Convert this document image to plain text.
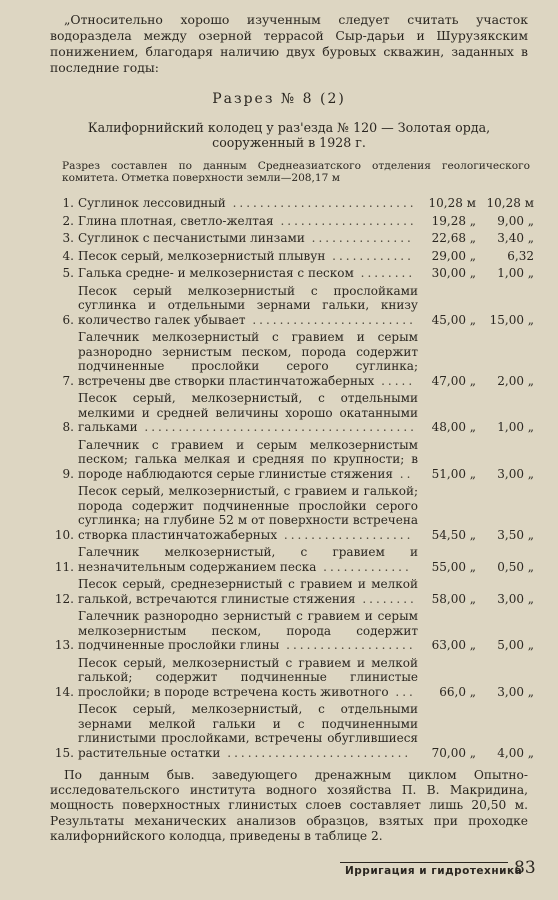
„Относительно хорошо изученным следует считать участок водораздела между озерной террасой Сыр-дарьи и Шурузякским понижением, благодаря наличию двух буровых скважин, заданных в последние годы:
Разрез № 8 (2)
Калифорнийский колодец у раз'езда № 120 — Золотая орда, сооруженный в 1928 г.
Разрез составлен по данным Среднеазиатского отделения геологического комитета. Отметка поверхности земли—208,17 м
1. Суглинок лессовидный ........................... 10,28 м 10,28 м
2. Глина плотная, светло-желтая ....................	19,28 „	9,00 „
3. Суглинок с песчанистыми линзами ...............	22,68 „	3,40 „
4. Песок серый, мелкозернистый плывун ............	29,00 „	6,32
5. Галька средне- и мелкозернистая с песком ........	30,00 „	1,00 „
6.
Песок серый мелкозернистый с прослойками суглинка и отдельными зернами гальки, книзу количество галек убывает ........................	45,00 „	15,00 „
7.
Галечник мелкозернистый с гравием и серым разнородно зернистым песком, порода содержит подчиненные прослойки серого суглинка; встречены две створки пластинчатожаберных .....	47,00 „	2,00 „
8.
Песок серый, мелкозернистый, с отдельными мелкими и средней величины хорошо окатанными гальками ........................................	48,00 „	1,00 „
9.
Галечник с гравием и серым мелкозернистым песком; галька мелкая и средняя по крупности; в породе наблюдаются серые глинистые стяжения ..	51,00 „	3,00 „
10.
Песок серый, мелкозернистый, с гравием и галькой; порода содержит подчиненные прослойки серого суглинка; на глубине 52 м от поверхности встречена створка пластинчатожаберных ...................	54,50 „	3,50 „
11.
Галечник мелкозернистый, с гравием и незначительным содержанием песка .............	55,00 „	0,50 „
12.
Песок серый, среднезернистый с гравием и мелкой галькой, встречаются глинистые стяжения ........	58,00 „	3,00 „
13.
Галечник разнородно зернистый с гравием и серым мелкозернистым песком, порода содержит подчиненные прослойки глины ...................	63,00 „	5,00 „
14.
Песок серый, мелкозернистый с гравием и мелкой галькой; содержит подчиненные глинистые прослойки; в породе встречена кость животного ...	66,0 „	3,00 „
15.
Песок серый, мелкозернистый, с отдельными зернами мелкой гальки и с подчиненными глинистыми прослойками, встречены обуглившиеся растительные остатки ...........................	70,00 „	4,00 „
По данным быв. заведующего дренажным циклом Опытно-исследовательского института водного хозяйства П. В. Макридина, мощность поверхностных глинистых слоев составляет лишь 20,50 м. Результаты механических анализов образцов, взятых при проходке калифорнийского колодца, приведены в таблице 2.
Ирригация и гидротехника
83
